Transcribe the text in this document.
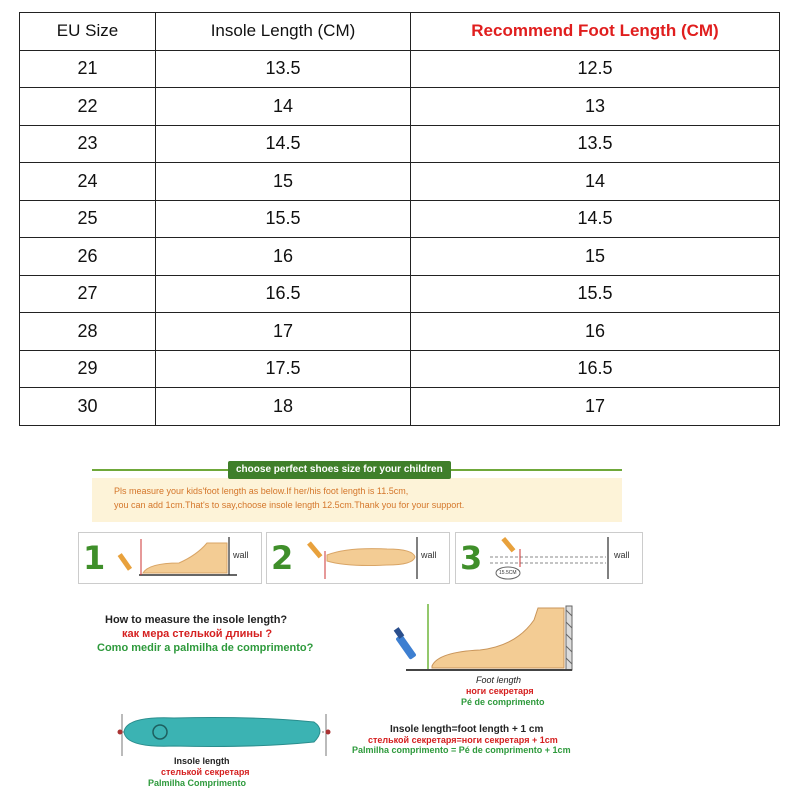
EU Size	Insole Length (CM)	Recommend Foot Length (CM)
21	13.5	12.5
22	14	13
23	14.5	13.5
24	15	14
25	15.5	14.5
26	16	15
27	16.5	15.5
28	17	16
29	17.5	16.5
30	18	17
Pls measure your kids'foot length as below.If her/his foot length is 11.5cm,
you can add 1cm.That's to say,choose insole length 12.5cm.Thank you for your support.
choose perfect shoes size for your children
1	wall 2	wall 3	wall
15.5CM
How to measure the insole length?
как мера стелькой длины ?
Como medir a palmilha de comprimento?
Foot length
ноги секретаря
Pé de comprimento
Insole length
стелькой секретаря
Palmilha Comprimento
Insole length=foot length + 1 cm
стелькой секретаря=ноги секретаря + 1cm
Palmilha comprimento = Pé de comprimento + 1cm
